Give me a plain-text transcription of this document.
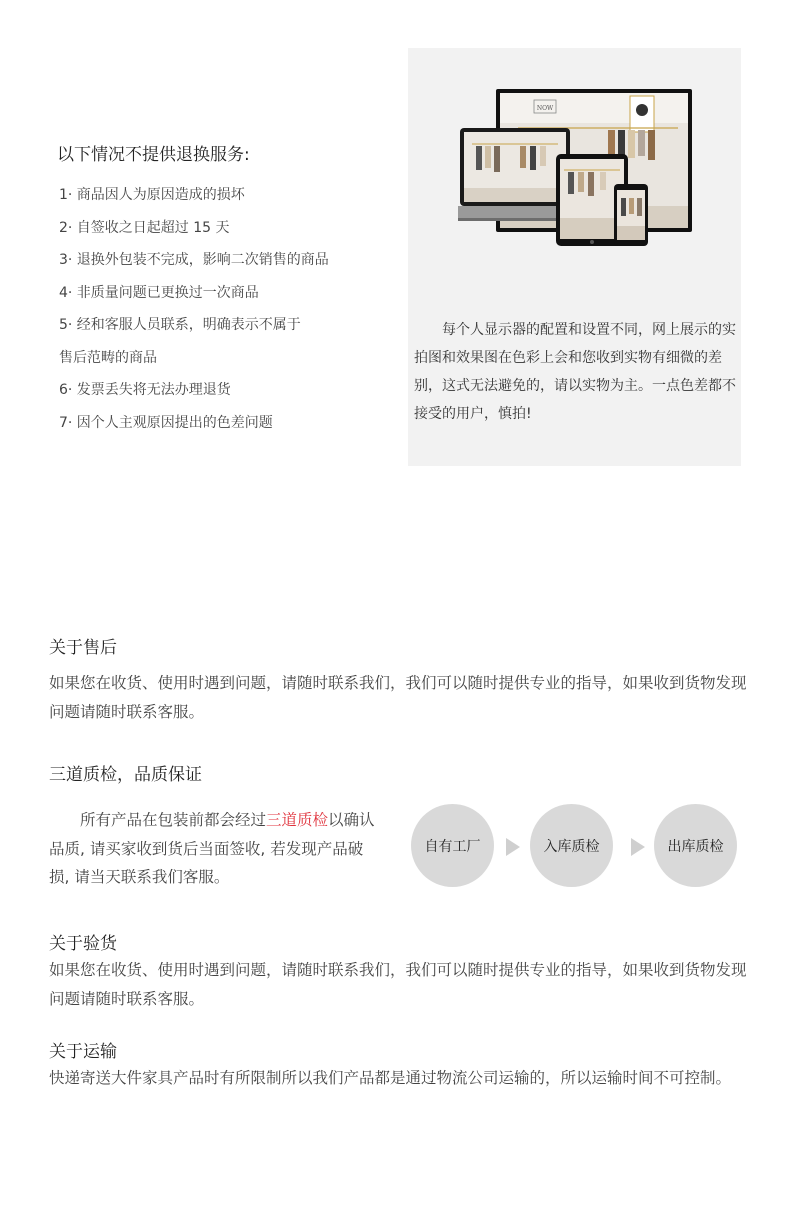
以下情况不提供退换服务:
1· 商品因人为原因造成的损坏
2· 自签收之日起超过 15 天
3· 退换外包装不完成，影响二次销售的商品
4· 非质量问题已更换过一次商品
5· 经和客服人员联系，明确表示不属于
售后范畴的商品
6· 发票丢失将无法办理退货
7· 因个人主观原因提出的色差问题
NOW

每个人显示器的配置和设置不同，网上展示的实拍图和效果图在色彩上会和您收到实物有细微的差别，这式无法避免的，请以实物为主。一点色差都不接受的用户，慎拍!

关于售后

如果您在收货、使用时遇到问题，请随时联系我们，我们可以随时提供专业的指导，如果收到货物发现问题请随时联系客服。

三道质检，品质保证

所有产品在包装前都会经过三道质检以确认品质, 请买家收到货后当面签收, 若发现产品破损, 请当天联系我们客服。

自有工厂	入库质检	出库质检
关于验货

如果您在收货、使用时遇到问题，请随时联系我们，我们可以随时提供专业的指导，如果收到货物发现问题请随时联系客服。

关于运输

快递寄送大件家具产品时有所限制所以我们产品都是通过物流公司运输的，所以运输时间不可控制。
